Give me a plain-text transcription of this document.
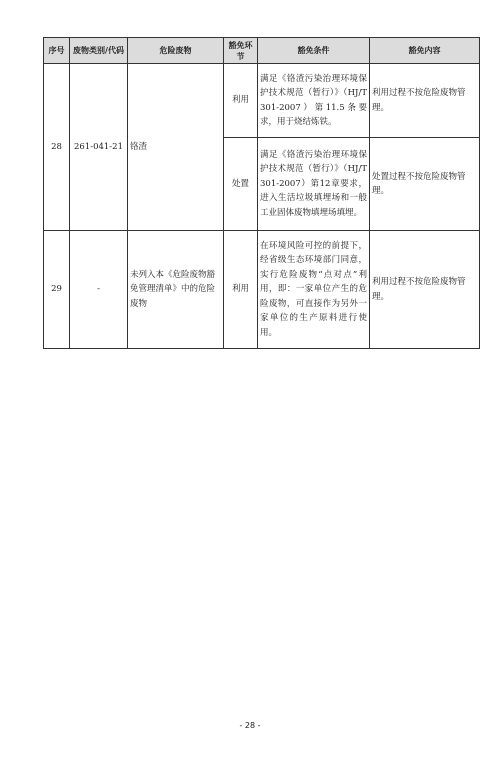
序号	废物类别/代码	危险废物	豁免环节	豁免条件	豁免内容
28	261-041-21	铬渣	利用	满足《铬渣污染治理环境保护技术规范（暂行）》（HJ/T301-2007）第11.5条要求，用于烧结炼铁。	利用过程不按危险废物管理。
			处置	满足《铬渣污染治理环境保护技术规范（暂行）》（HJ/T301-2007）第12章要求，进入生活垃圾填埋场和一般工业固体废物填埋场填埋。	处置过程不按危险废物管理。
29	-	未列入本《危险废物豁免管理清单》中的危险废物	利用	在环境风险可控的前提下，经省级生态环境部门同意，实行危险废物“点对点”利用，即：一家单位产生的危险废物，可直接作为另外一家单位的生产原料进行使用。	利用过程不按危险废物管理。
- 28 -
